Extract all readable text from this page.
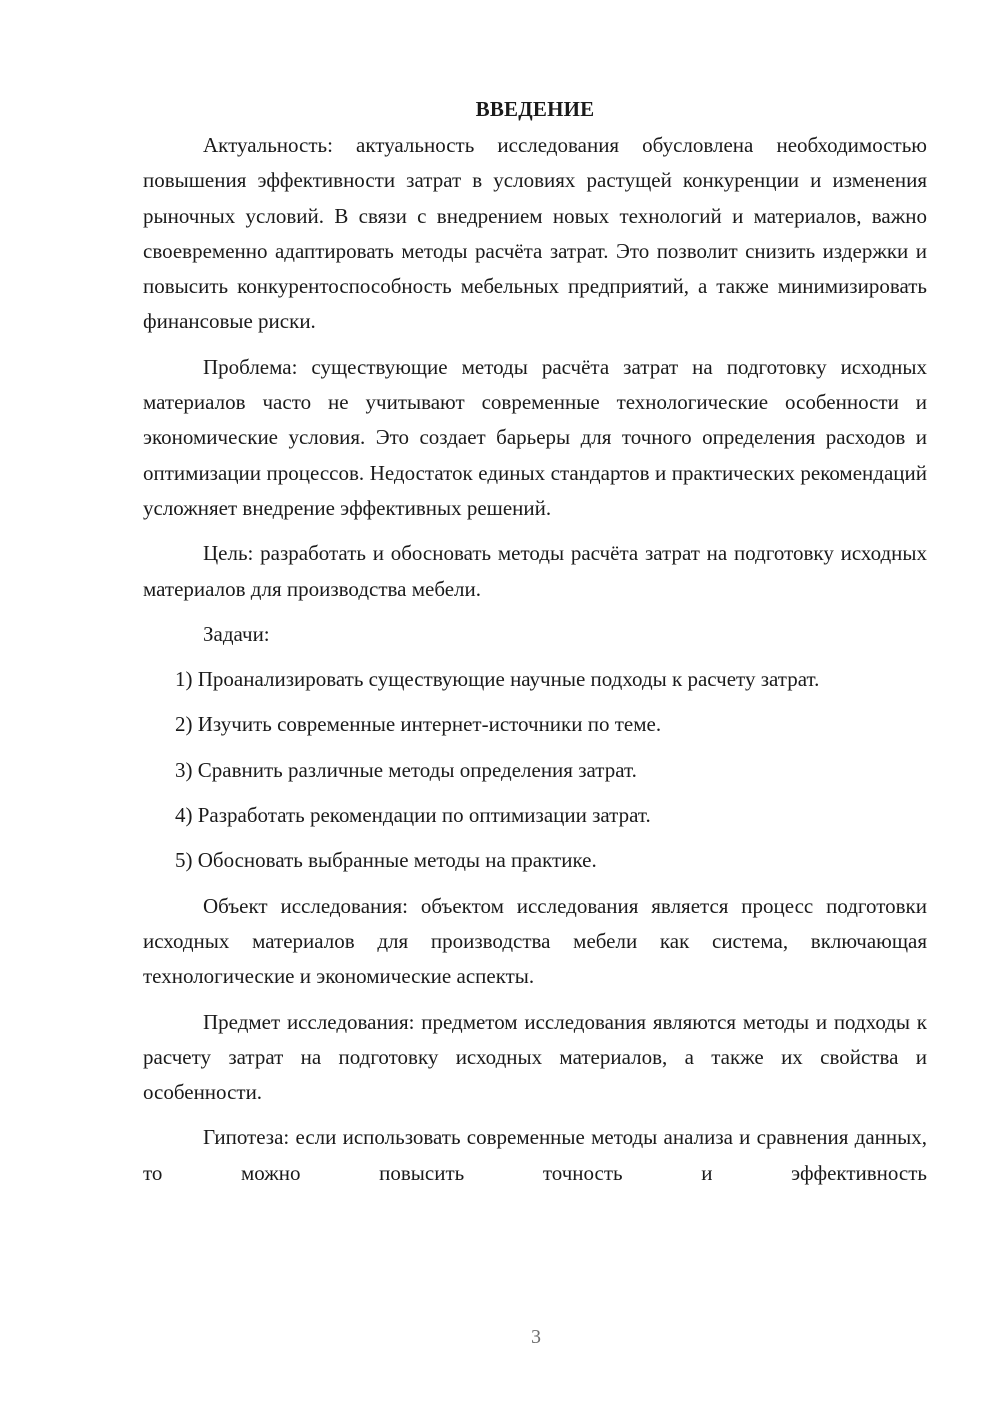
ВВЕДЕНИЕ

Актуальность: актуальность исследования обусловлена необходимостью повышения эффективности затрат в условиях растущей конкуренции и изменения рыночных условий. В связи с внедрением новых технологий и материалов, важно своевременно адаптировать методы расчёта затрат. Это позволит снизить издержки и повысить конкурентоспособность мебельных предприятий, а также минимизировать финансовые риски.

Проблема: существующие методы расчёта затрат на подготовку исходных материалов часто не учитывают современные технологические особенности и экономические условия. Это создает барьеры для точного определения расходов и оптимизации процессов. Недостаток единых стандартов и практических рекомендаций усложняет внедрение эффективных решений.

Цель: разработать и обосновать методы расчёта затрат на подготовку исходных материалов для производства мебели.

Задачи:

1) Проанализировать существующие научные подходы к расчету затрат.

2) Изучить современные интернет-источники по теме.

3) Сравнить различные методы определения затрат.

4) Разработать рекомендации по оптимизации затрат.

5) Обосновать выбранные методы на практике.

Объект исследования: объектом исследования является процесс подготовки исходных материалов для производства мебели как система, включающая технологические и экономические аспекты.

Предмет исследования: предметом исследования являются методы и подходы к расчету затрат на подготовку исходных материалов, а также их свойства и особенности.

Гипотеза: если использовать современные методы анализа и сравнения данных, то можно повысить точность и эффективность

3
